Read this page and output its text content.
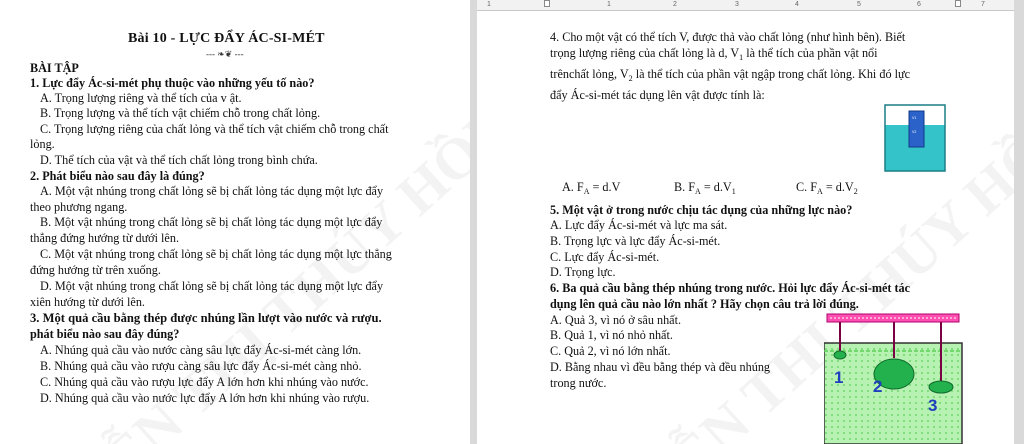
Bài 10 - LỰC ĐẨY ÁC-SI-MÉT
--- ❧❦ ---
BÀI TẬP
1. Lực đẩy Ác-si-mét phụ thuộc vào những yếu tố nào?
A. Trọng lượng riêng và thể tích của v ật.
B. Trọng lượng và thể tích vật chiếm chỗ trong chất lỏng.
C. Trọng lượng riêng của chất lỏng và thể tích vật chiếm chỗ trong chất
lỏng.
D. Thể tích của vật và thể tích chất lỏng trong bình chứa.
2. Phát biểu nào sau đây là đúng?
A. Một vật nhúng trong chất lỏng sẽ bị chất lỏng tác dụng một lực đẩy
theo phương ngang.
B. Một vật nhúng trong chất lỏng sẽ bị chất lỏng tác dụng một lực đẩy
thẳng đứng hướng từ dưới lên.
C. Một vật nhúng trong chất lỏng sẽ bị chất lỏng tác dụng một lực thẳng
đứng hướng từ trên xuống.
D. Một vật nhúng trong chất lỏng sẽ bị chất lỏng tác dụng một lực đẩy
xiên hướng từ dưới lên.
3. Một quả cầu bằng thép được nhúng lần lượt vào nước và rượu.
phát biểu nào sau đây đúng?
A. Nhúng quả cầu vào nước càng sâu lực đẩy Ác-si-mét càng lớn.
B. Nhúng quả cầu vào rượu càng sâu lực đẩy Ác-si-mét càng nhỏ.
C. Nhúng quả cầu vào rượu lực đẩy A lớn hơn khi nhúng vào nước.
D. Nhúng quả cầu vào nước lực đẩy A lớn hơn khi nhúng vào rượu.
1	1	2	3	4	5	6	7
4. Cho một vật có thể tích V, được thả vào chất lỏng (như hình bên). Biết
trọng lượng riêng của chất lỏng là d, $V_1$ là thể tích của phần vật nổi
trênchất lỏng, $V_2$ là thể tích của phần vật ngập trong chất lỏng. Khi đó lực
đẩy Ác-si-mét tác dụng lên vật được tính là:
V1
V2
A. $F_A = d.V$	B. $F_A = d.V_1$	C. $F_A = d.V_2$
5. Một vật ở trong nước chịu tác dụng của những lực nào?
A. Lực đẩy Ác-si-mét và lực ma sát.
B. Trọng lực và lực đẩy Ác-si-mét.
C. Lực đẩy Ác-si-mét.
D. Trọng lực.
6. Ba quả cầu bằng thép nhúng trong nước. Hỏi lực đẩy Ác-si-mét tác
dụng lên quả cầu nào lớn nhất ? Hãy chọn câu trả lời đúng.
A. Quả 3, vì nó ở sâu nhất.
B. Quả 1, vì nó nhỏ nhất.
C. Quả 2, vì nó lớn nhất.
D. Bằng nhau vì đều bằng thép và đều nhúng
trong nước.	1 2
3
